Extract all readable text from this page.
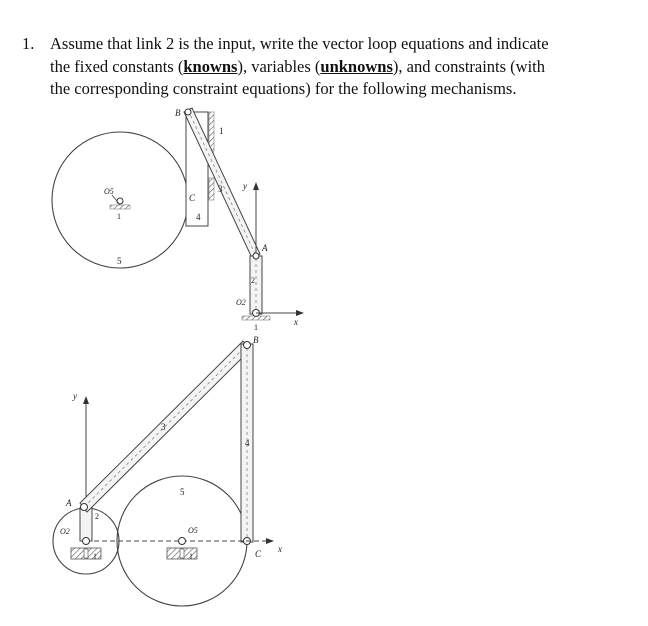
1. Assume that link 2 is the input, write the vector loop equations and indicate
the fixed constants (knowns), variables (unknowns), and constraints (with
the corresponding constraint equations) for the following mechanisms.
B
1
C
4
3
O5
1
5
y
A
2
O2
1
x
B
y
3
4
5
A
2
O2
1
O5
1	C x
